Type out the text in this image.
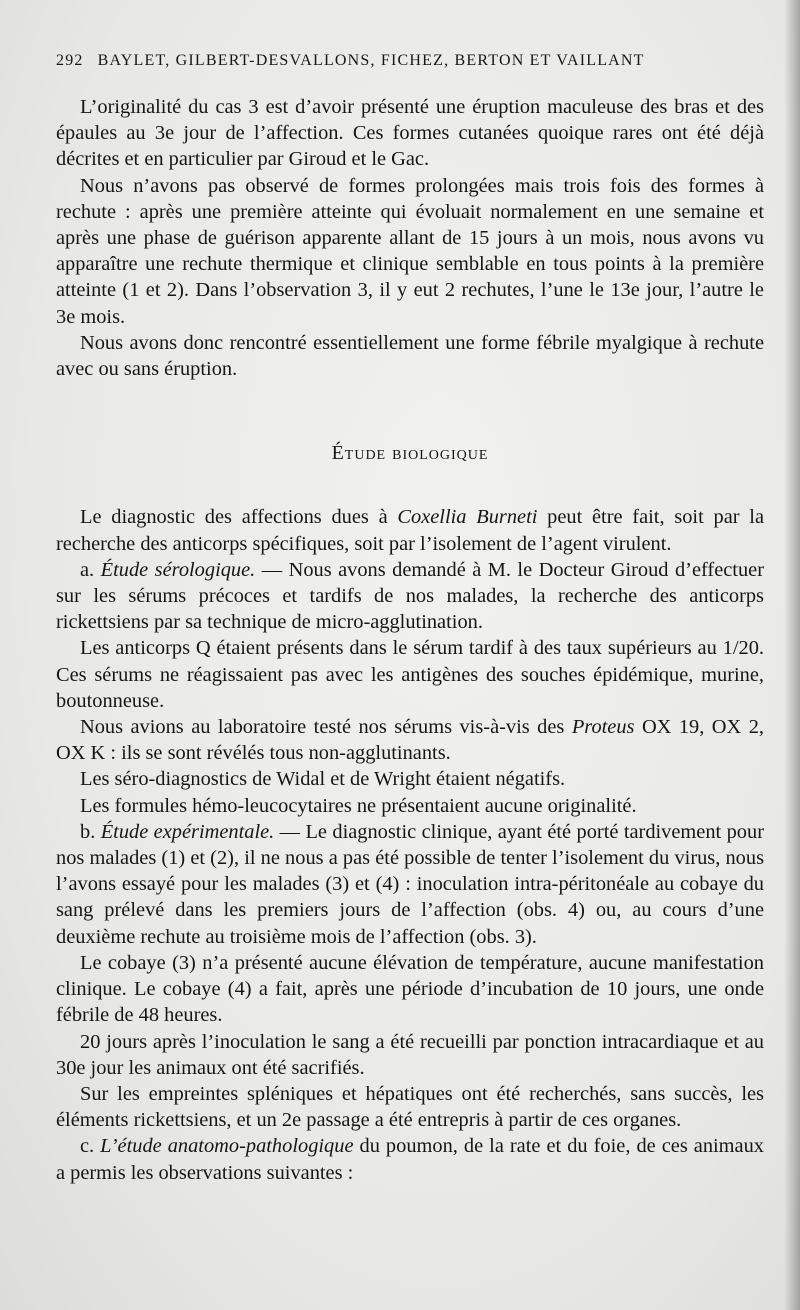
292 BAYLET, GILBERT-DESVALLONS, FICHEZ, BERTON ET VAILLANT

L’originalité du cas 3 est d’avoir présenté une éruption maculeuse des bras et des épaules au 3e jour de l’affection. Ces formes cutanées quoique rares ont été déjà décrites et en particulier par Giroud et le Gac.

Nous n’avons pas observé de formes prolongées mais trois fois des formes à rechute : après une première atteinte qui évoluait normalement en une semaine et après une phase de guérison apparente allant de 15 jours à un mois, nous avons vu apparaître une rechute thermique et clinique semblable en tous points à la première atteinte (1 et 2). Dans l’observation 3, il y eut 2 rechutes, l’une le 13e jour, l’autre le 3e mois.

Nous avons donc rencontré essentiellement une forme fébrile myalgique à rechute avec ou sans éruption.

Étude biologique

Le diagnostic des affections dues à Coxellia Burneti peut être fait, soit par la recherche des anticorps spécifiques, soit par l’isolement de l’agent virulent.

a. Étude sérologique. — Nous avons demandé à M. le Docteur Giroud d’effectuer sur les sérums précoces et tardifs de nos malades, la recherche des anticorps rickettsiens par sa technique de micro-agglutination.

Les anticorps Q étaient présents dans le sérum tardif à des taux supérieurs au 1/20. Ces sérums ne réagissaient pas avec les antigènes des souches épidémique, murine, boutonneuse.

Nous avions au laboratoire testé nos sérums vis-à-vis des Proteus OX 19, OX 2, OX K : ils se sont révélés tous non-agglutinants.

Les séro-diagnostics de Widal et de Wright étaient négatifs.

Les formules hémo-leucocytaires ne présentaient aucune originalité.

b. Étude expérimentale. — Le diagnostic clinique, ayant été porté tardivement pour nos malades (1) et (2), il ne nous a pas été possible de tenter l’isolement du virus, nous l’avons essayé pour les malades (3) et (4) : inoculation intra-péritonéale au cobaye du sang prélevé dans les premiers jours de l’affection (obs. 4) ou, au cours d’une deuxième rechute au troisième mois de l’affection (obs. 3).

Le cobaye (3) n’a présenté aucune élévation de température, aucune manifestation clinique. Le cobaye (4) a fait, après une période d’incubation de 10 jours, une onde fébrile de 48 heures.

20 jours après l’inoculation le sang a été recueilli par ponction intracardiaque et au 30e jour les animaux ont été sacrifiés.

Sur les empreintes spléniques et hépatiques ont été recherchés, sans succès, les éléments rickettsiens, et un 2e passage a été entrepris à partir de ces organes.

c. L’étude anatomo-pathologique du poumon, de la rate et du foie, de ces animaux a permis les observations suivantes :
